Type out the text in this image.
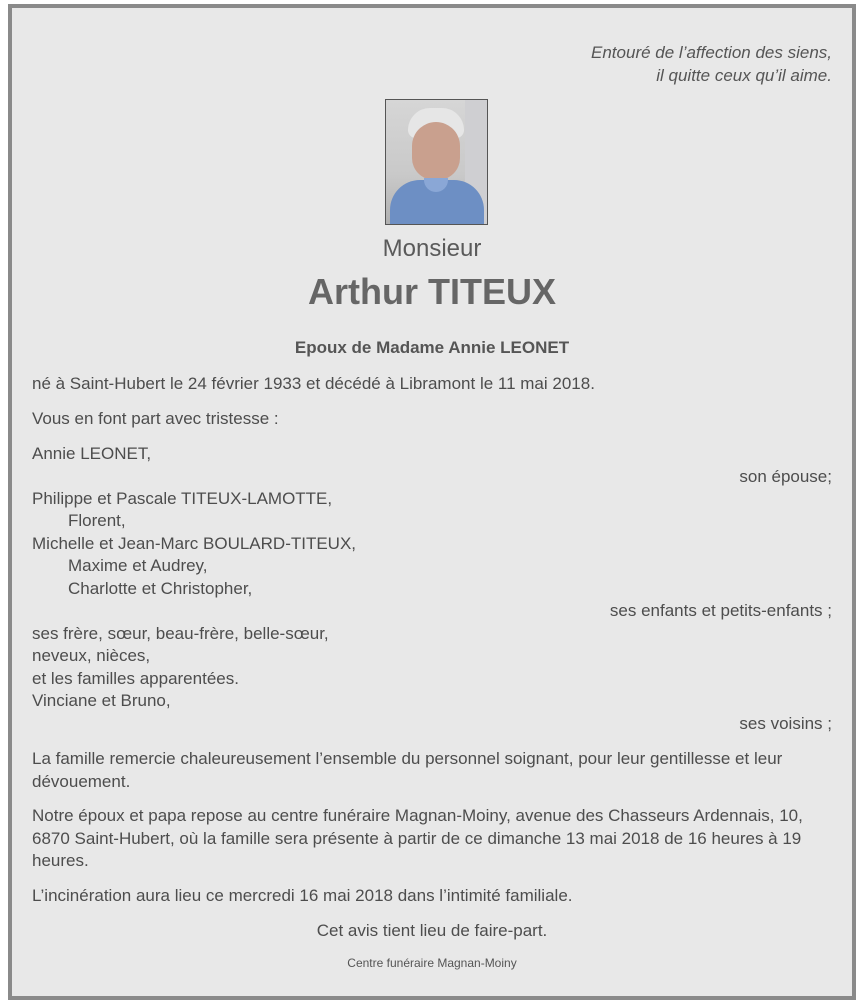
Entouré de l’affection des siens,
il quitte ceux qu’il aime.
Monsieur
Arthur TITEUX
Epoux de Madame Annie LEONET
né à Saint-Hubert le 24 février 1933 et décédé à Libramont le 11 mai 2018.
Vous en font part avec tristesse :
Annie LEONET,
son épouse;
Philippe et Pascale TITEUX-LAMOTTE,
Florent,
Michelle et Jean-Marc BOULARD-TITEUX,
Maxime et Audrey,
Charlotte et Christopher,
ses enfants et petits-enfants ;
ses frère, sœur, beau-frère, belle-sœur,
neveux, nièces,
et les familles apparentées.
Vinciane et Bruno,
ses voisins ;
La famille remercie chaleureusement l’ensemble du personnel soignant, pour leur gentillesse et leur dévouement.
Notre époux et papa repose au centre funéraire Magnan-Moiny, avenue des Chasseurs Ardennais, 10, 6870 Saint-Hubert, où la famille sera présente à partir de ce dimanche 13 mai 2018 de 16 heures à 19 heures.
L’incinération aura lieu ce mercredi 16 mai 2018 dans l’intimité familiale.
Cet avis tient lieu de faire-part.
Centre funéraire Magnan-Moiny
